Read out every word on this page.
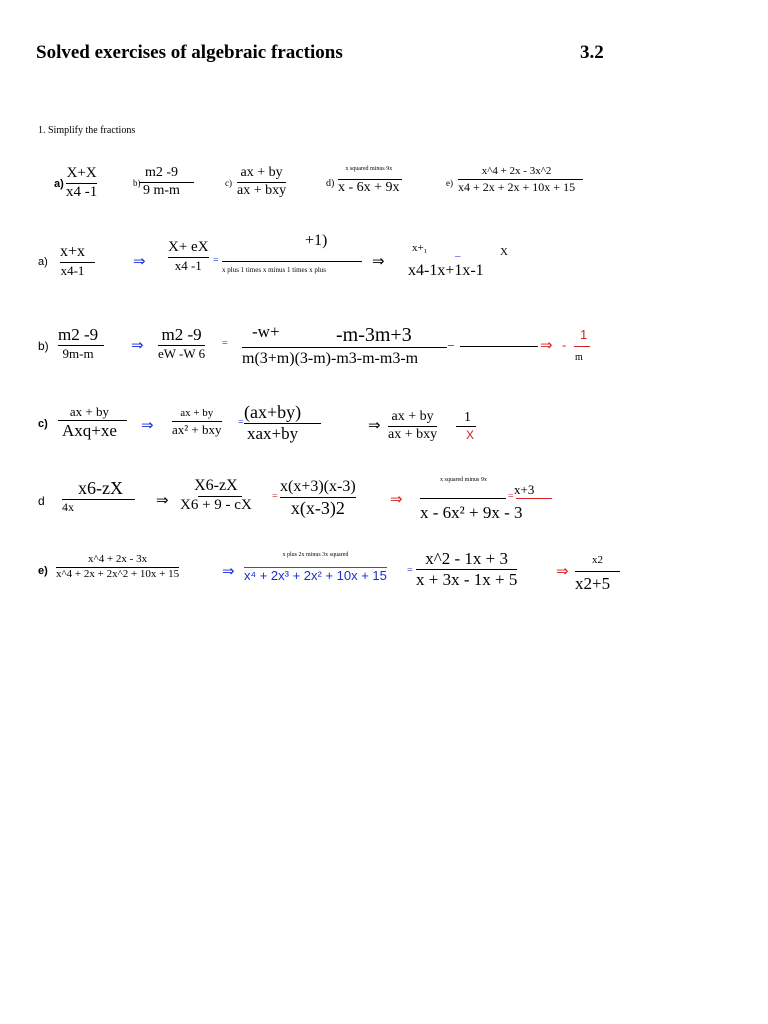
Solved exercises of algebraic fractions	3.2
1. Simplify the fractions
a)
X+X
x4 -1
b)
m2 -9
9 m-m	c)
ax + by
ax + bxy	d)
x squared minus 9x
x - 6x + 9x	e)
x^4 + 2x - 3x^2
x4 + 2x + 2x + 10x + 15
a)
x+x
x4-1
⇒
X+ eX
x4 -1 =
+1)
x plus 1 times x minus 1 times x plus	⇒
x+₁
–	X
x4-1x+1x-1
b)
m2 -9
9m-m ⇒
m2 -9
eW -W 6
=
-w+	-m-3m+3
m(3+m)(3-m)-m3-m-m3-m
–	⇒ -
1
m
c)
ax + by
Axq+xe ⇒
ax + by
ax² + bxy =
(ax+by)
xax+by	⇒ ax + by
ax + bxy
1
X
d
x6-zX
4x	⇒
X6-zX
X6 + 9 - cX
=
x(x+3)(x-3)
x(x-3)2	⇒
x squared minus 9x
x - 6x² + 9x - 3
= x+3
e)
x^4 + 2x - 3x
x^4 + 2x + 2x^2 + 10x + 15	⇒
x plus 2x minus 3x squared
x⁴ + 2x³ + 2x² + 10x + 15 =
x^2 - 1x + 3
x + 3x - 1x + 5	⇒
x2
x2+5
